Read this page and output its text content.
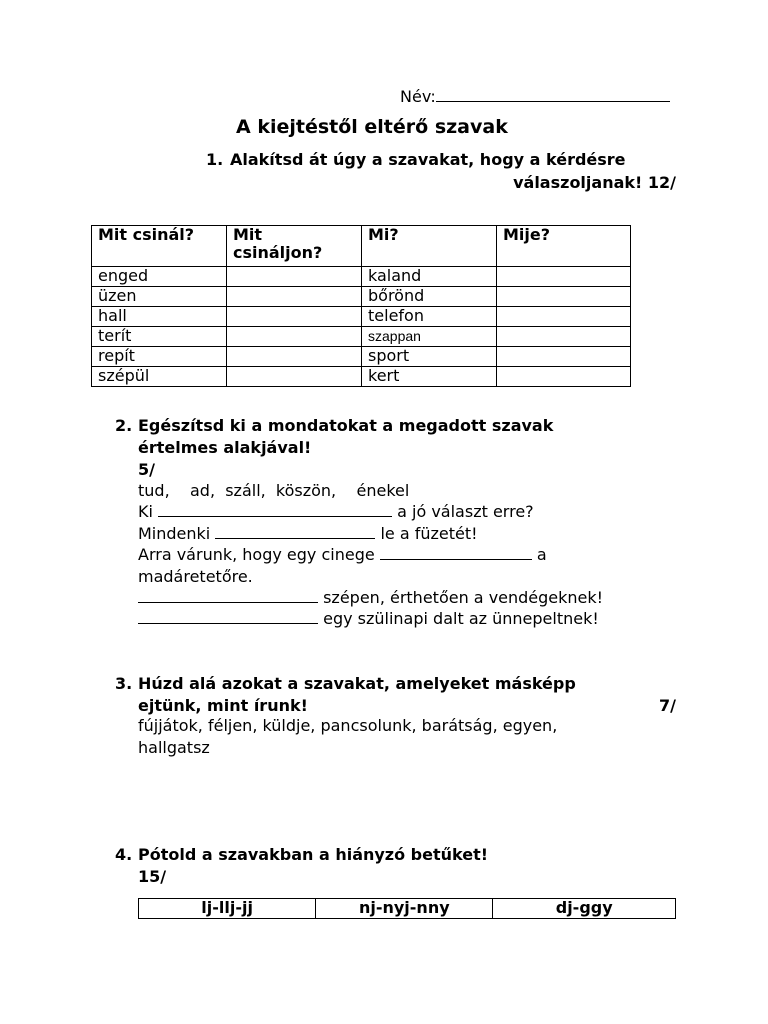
Név:
A kiejtéstől eltérő szavak
1. Alakítsd át úgy a szavakat, hogy a kérdésre
válaszoljanak! 12/
Mit csinál?	Mit csináljon?	Mi?	Mije?
enged		kaland	
üzen		bőrönd	
hall		telefon	
terít		szappan	
repít		sport	
szépül		kert	
2. Egészítsd ki a mondatokat a megadott szavak
értelmes alakjával!
5/
tud,    ad,  száll,  köszön,    énekel
Ki	a jó választ erre?
Mindenki	le a füzetét!
Arra várunk, hogy egy cinege	a
madáretetőre.
szépen, érthetően a vendégeknek!
egy szülinapi dalt az ünnepeltnek!
3. Húzd alá azokat a szavakat, amelyeket másképp
ejtünk, mint írunk!	7/
fújjátok, féljen, küldje, pancsolunk, barátság, egyen,
hallgatsz
4. Pótold a szavakban a hiányzó betűket!
15/
lj-llj-jj	nj-nyj-nny	dj-ggy
